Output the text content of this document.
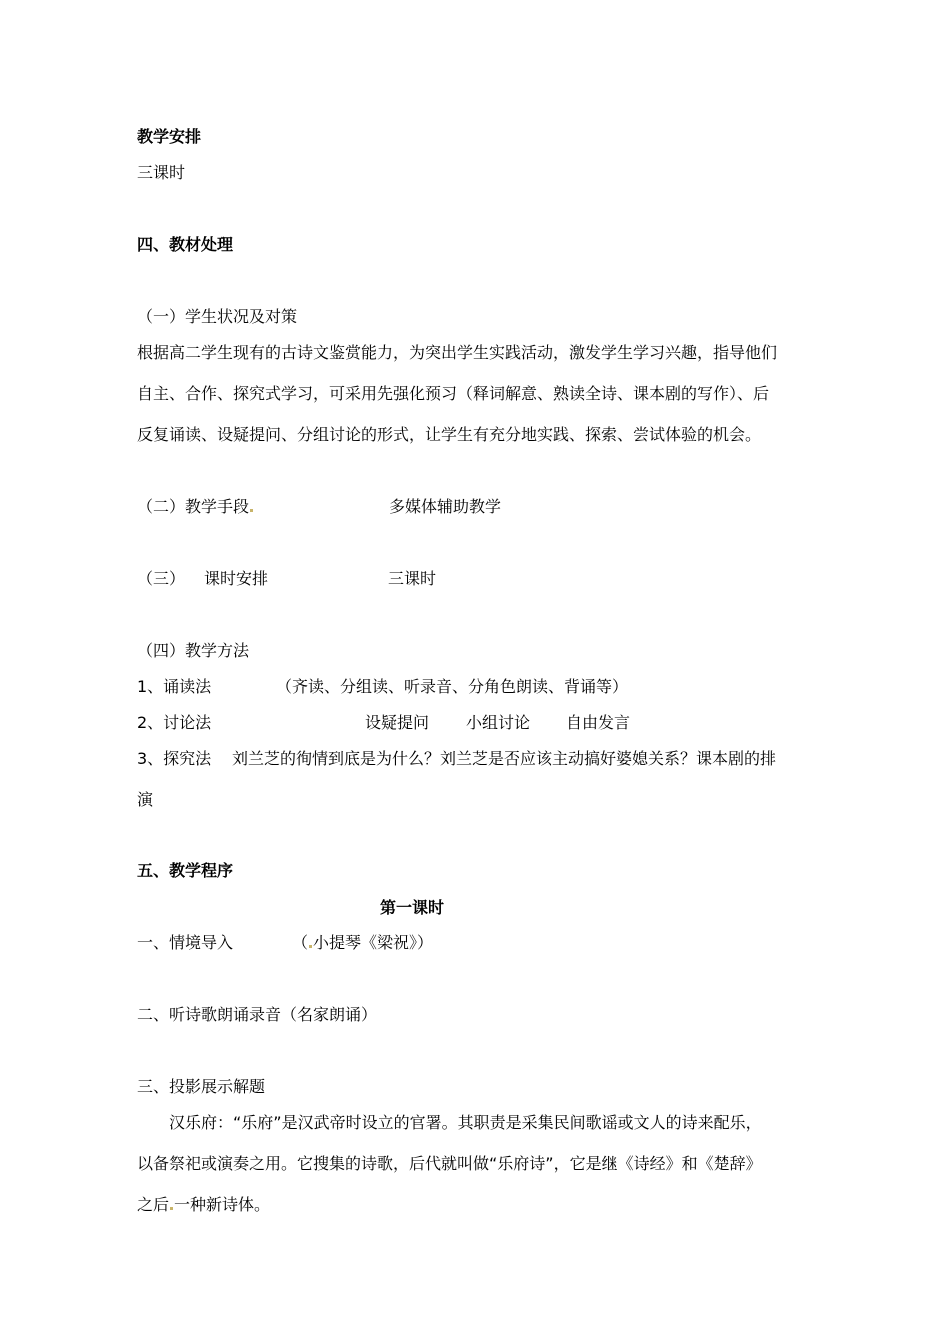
教学安排
三课时
四、教材处理
（一）学生状况及对策
根据高二学生现有的古诗文鉴赏能力，为突出学生实践活动，激发学生学习兴趣，指导他们
自主、合作、探究式学习，可采用先强化预习（释词解意、熟读全诗、课本剧的写作）、后
反复诵读、设疑提问、分组讨论的形式，让学生有充分地实践、探索、尝试体验的机会。
（二）教学手段	多媒体辅助教学
（三） 课时安排	三课时
（四）教学方法
1、诵读法	（齐读、分组读、听录音、分角色朗读、背诵等）
2、讨论法	设疑提问 小组讨论 自由发言
3、探究法 刘兰芝的徇情到底是为什么？刘兰芝是否应该主动搞好婆媳关系？课本剧的排
演
五、教学程序
第一课时
一、情境导入	（ 小提琴《梁祝》）
二、听诗歌朗诵录音（名家朗诵）
三、投影展示解题
汉乐府：“乐府”是汉武帝时设立的官署。其职责是采集民间歌谣或文人的诗来配乐，
以备祭祀或演奏之用。它搜集的诗歌，后代就叫做“乐府诗”，它是继《诗经》和《楚辞》
之后 一种新诗体。
